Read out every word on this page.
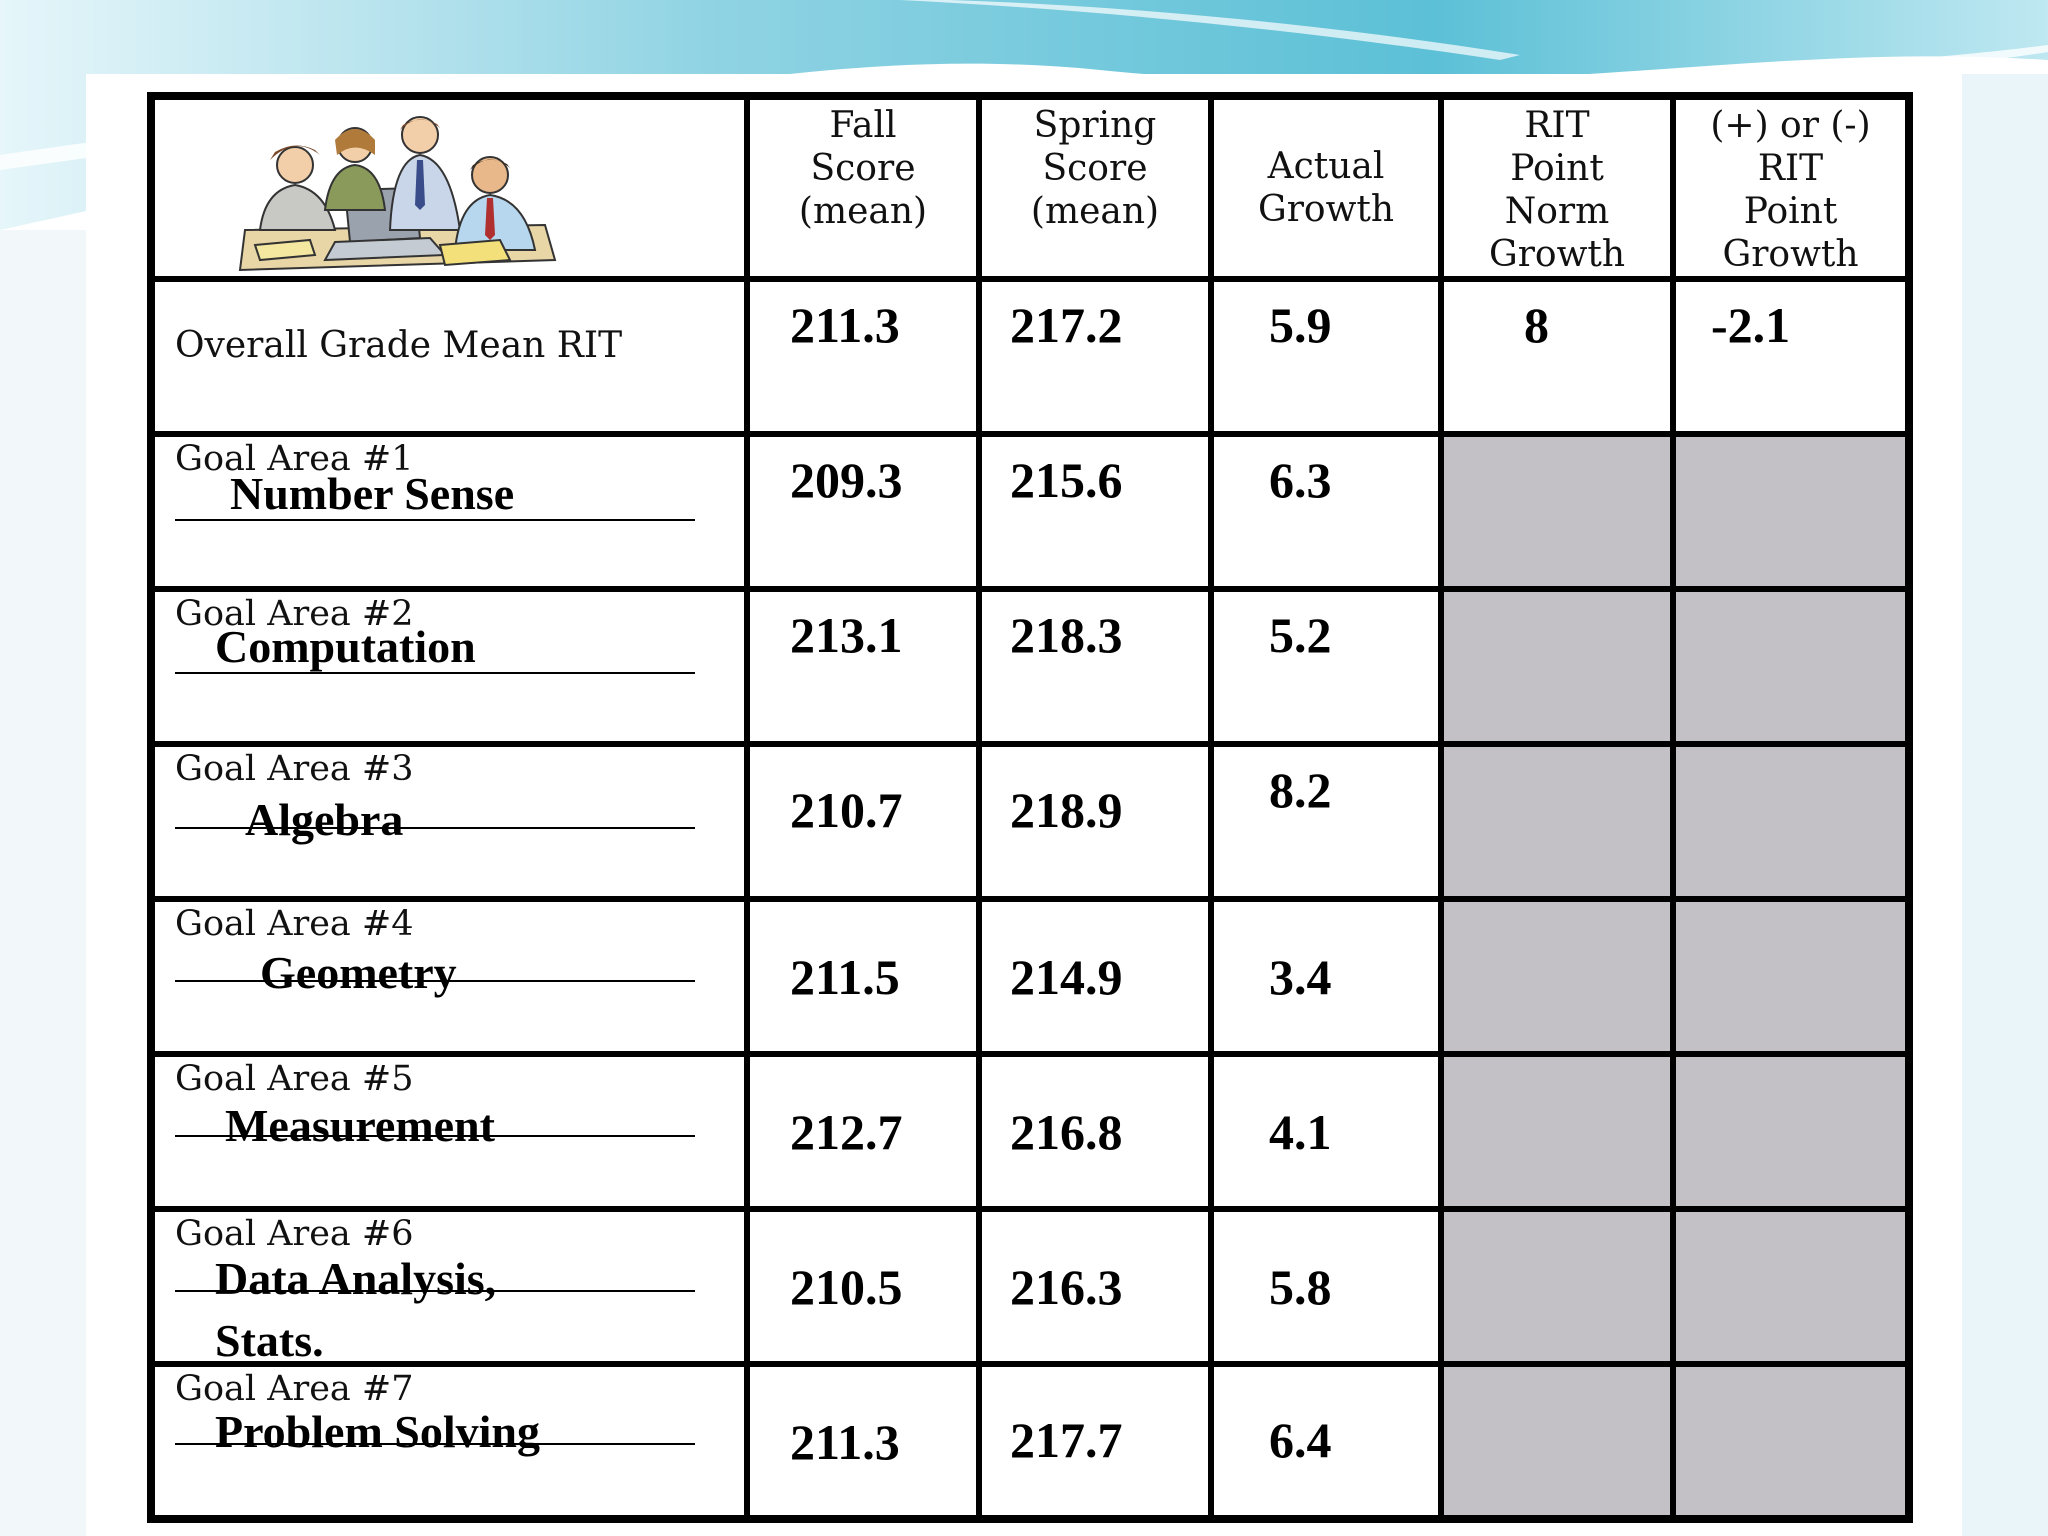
Fall
Score
(mean)	Spring
Score
(mean)	Actual
Growth	RIT
Point
Norm
Growth	(+) or (-)
RIT
Point
Growth

Overall Grade Mean RIT	211.3	217.2	5.9	8	-2.1

Goal Area #1
Number Sense	209.3	215.6	6.3		

Goal Area #2
Computation	213.1	218.3	5.2		

Goal Area #3
Algebra	210.7	218.9	8.2		

Goal Area #4
Geometry	211.5	214.9	3.4		

Goal Area #5
Measurement	212.7	216.8	4.1		

Goal Area #6
Data Analysis,
Stats.	210.5	216.3	5.8		

Goal Area #7
Problem Solving	211.3	217.7	6.4		
